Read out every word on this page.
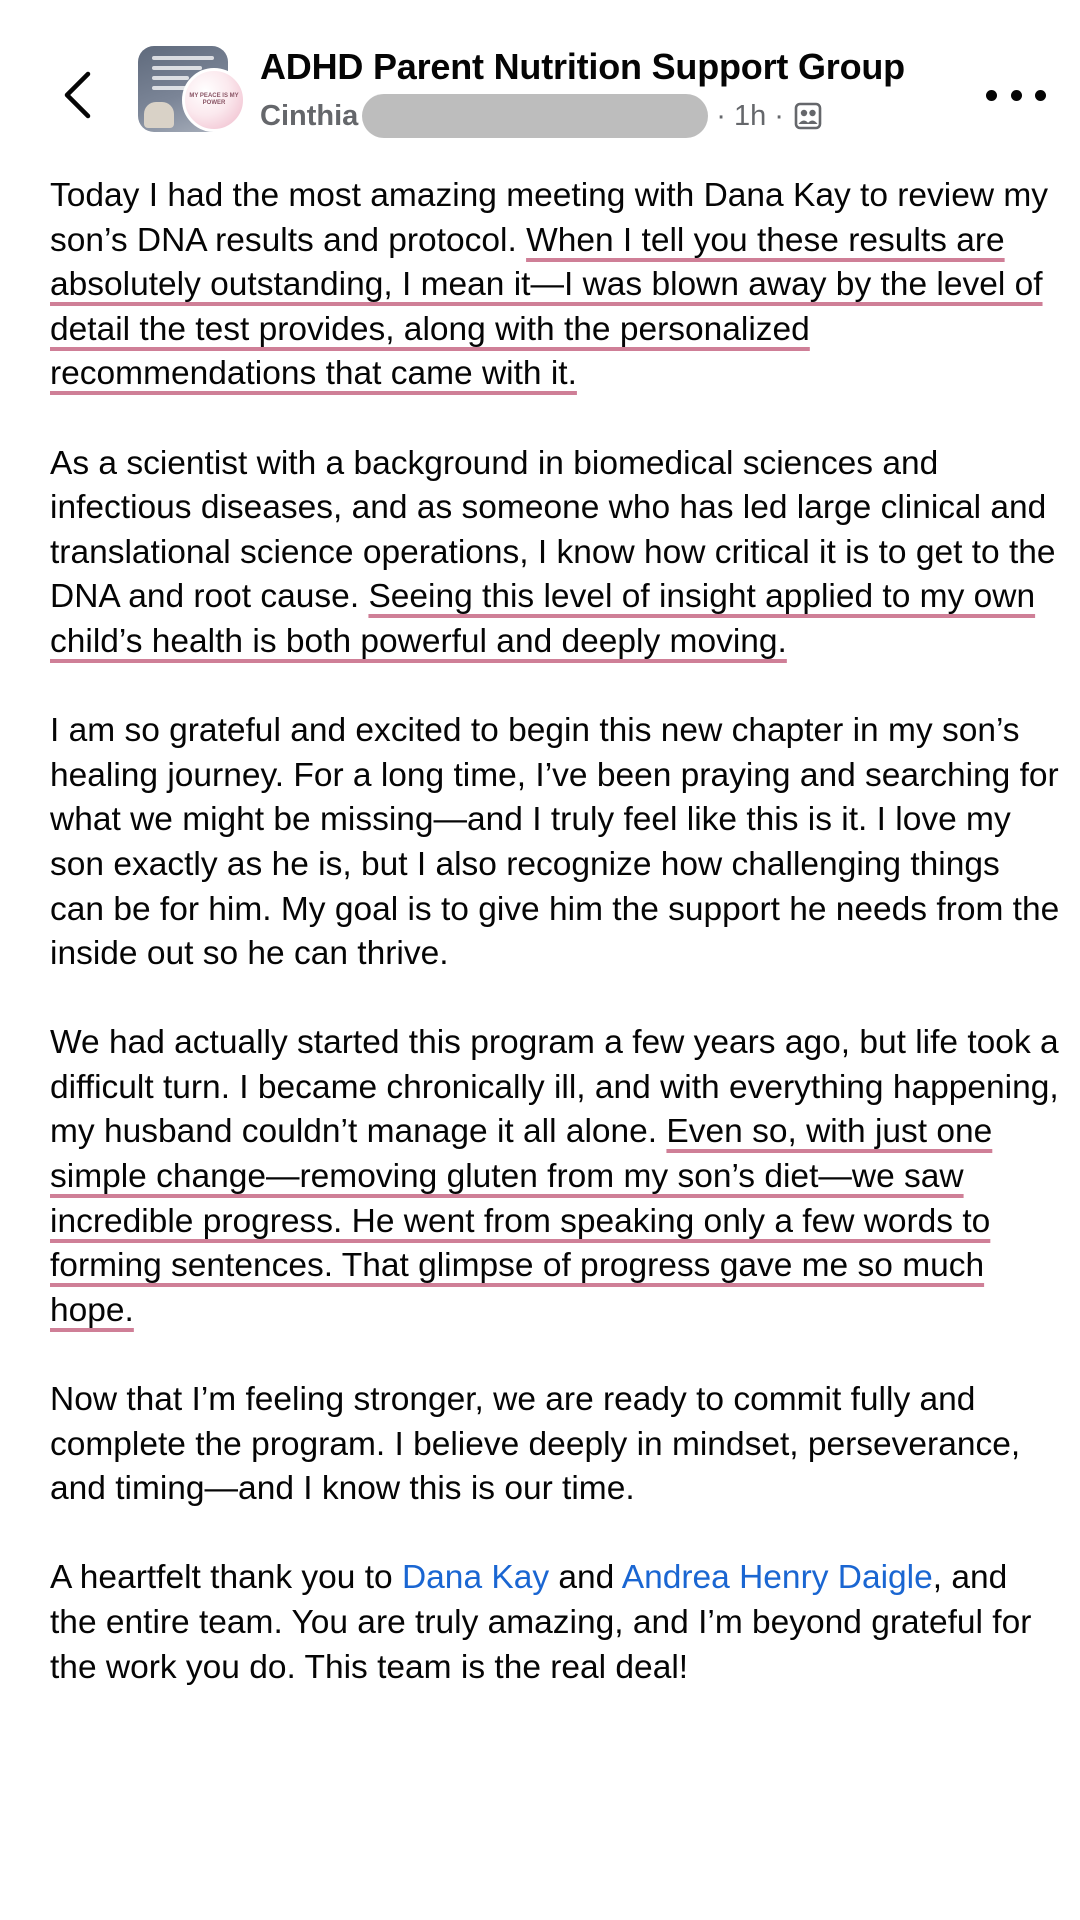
MY PEACE IS MY POWER
ADHD Parent Nutrition Support Group
Cinthia	· 1h ·

Today I had the most amazing meeting with Dana Kay to review my son’s DNA results and protocol. When I tell you these results are absolutely outstanding, I mean it—I was blown away by the level of detail the test provides, along with the personalized recommendations that came with it.

As a scientist with a background in biomedical sciences and infectious diseases, and as someone who has led large clinical and translational science operations, I know how critical it is to get to the DNA and root cause. Seeing this level of insight applied to my own child’s health is both powerful and deeply moving.

I am so grateful and excited to begin this new chapter in my son’s healing journey. For a long time, I’ve been praying and searching for what we might be missing—and I truly feel like this is it. I love my son exactly as he is, but I also recognize how challenging things can be for him. My goal is to give him the support he needs from the inside out so he can thrive.

We had actually started this program a few years ago, but life took a difficult turn. I became chronically ill, and with everything happening, my husband couldn’t manage it all alone. Even so, with just one simple change—removing gluten from my son’s diet—we saw incredible progress. He went from speaking only a few words to forming sentences. That glimpse of progress gave me so much hope.

Now that I’m feeling stronger, we are ready to commit fully and complete the program. I believe deeply in mindset, perseverance, and timing—and I know this is our time.

A heartfelt thank you to Dana Kay and Andrea Henry Daigle, and the entire team. You are truly amazing, and I’m beyond grateful for the work you do. This team is the real deal!
